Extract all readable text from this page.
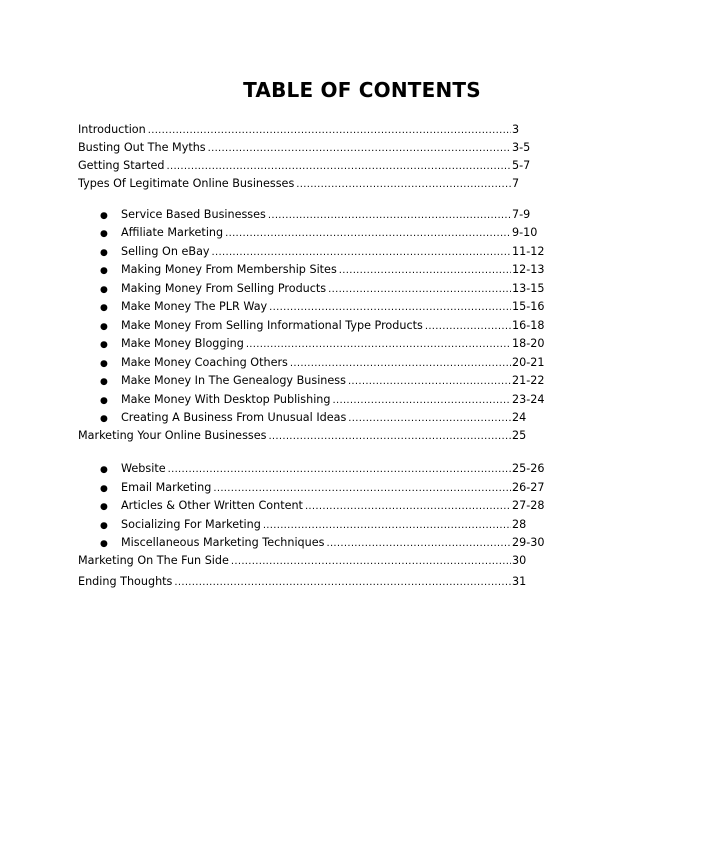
TABLE OF CONTENTS
Introduction .....	3
Busting Out The Myths .....	3-5
Getting Started .....	5-7
Types Of Legitimate Online Businesses .....	7
●	Service Based Businesses .....	7-9
●	Affiliate Marketing .....	9-10
●	Selling On eBay .....	11-12
●	Making Money From Membership Sites .....	12-13
●	Making Money From Selling Products .....	13-15
●	Make Money The PLR Way .....	15-16
●	Make Money From Selling Informational Type Products .....	16-18
●	Make Money Blogging .....	18-20
●	Make Money Coaching Others .....	20-21
●	Make Money In The Genealogy Business .....	21-22
●	Make Money With Desktop Publishing .....	23-24
●	Creating A Business From Unusual Ideas .....	24
Marketing Your Online Businesses .....	25
●	Website .....	25-26
●	Email Marketing .....	26-27
●	Articles & Other Written Content .....	27-28
●	Socializing For Marketing .....	28
●	Miscellaneous Marketing Techniques .....	29-30
Marketing On The Fun Side .....	30
Ending Thoughts .....	31
